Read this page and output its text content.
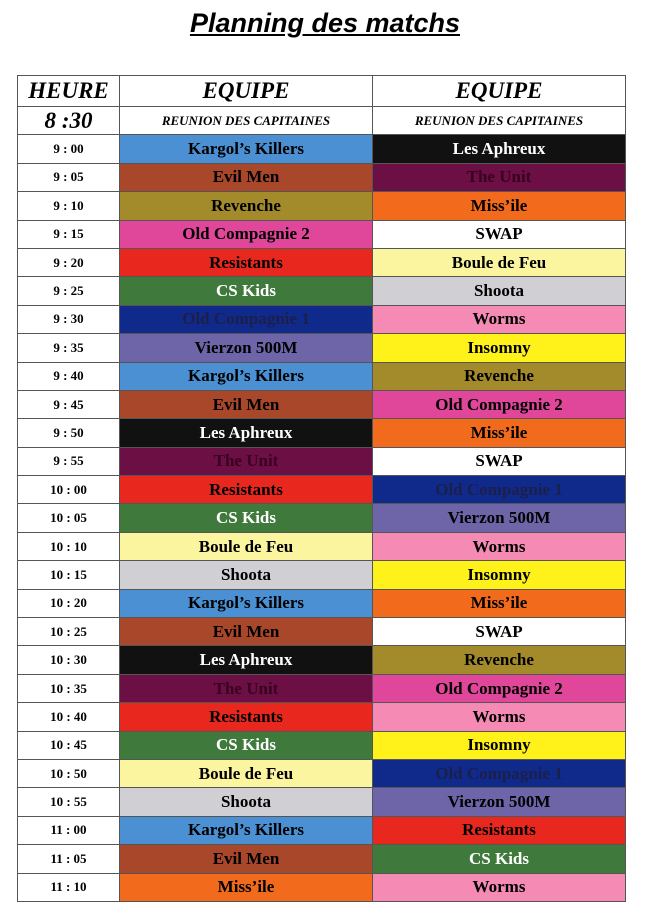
Planning des matchs
HEURE	EQUIPE	EQUIPE
8 :30	REUNION DES CAPITAINES	REUNION DES CAPITAINES
9 : 00	Kargol’s Killers	Les Aphreux
9 : 05	Evil Men	The Unit
9 : 10	Revenche	Miss’ile
9 : 15	Old Compagnie 2	SWAP
9 : 20	Resistants	Boule de Feu
9 : 25	CS Kids	Shoota
9 : 30	Old Compagnie 1	Worms
9 : 35	Vierzon 500M	Insomny
9 : 40	Kargol’s Killers	Revenche
9 : 45	Evil Men	Old Compagnie 2
9 : 50	Les Aphreux	Miss’ile
9 : 55	The Unit	SWAP
10 : 00	Resistants	Old Compagnie 1
10 : 05	CS Kids	Vierzon 500M
10 : 10	Boule de Feu	Worms
10 : 15	Shoota	Insomny
10 : 20	Kargol’s Killers	Miss’ile
10 : 25	Evil Men	SWAP
10 : 30	Les Aphreux	Revenche
10 : 35	The Unit	Old Compagnie 2
10 : 40	Resistants	Worms
10 : 45	CS Kids	Insomny
10 : 50	Boule de Feu	Old Compagnie 1
10 : 55	Shoota	Vierzon 500M
11 : 00	Kargol’s Killers	Resistants
11 : 05	Evil Men	CS Kids
11 : 10	Miss’ile	Worms
